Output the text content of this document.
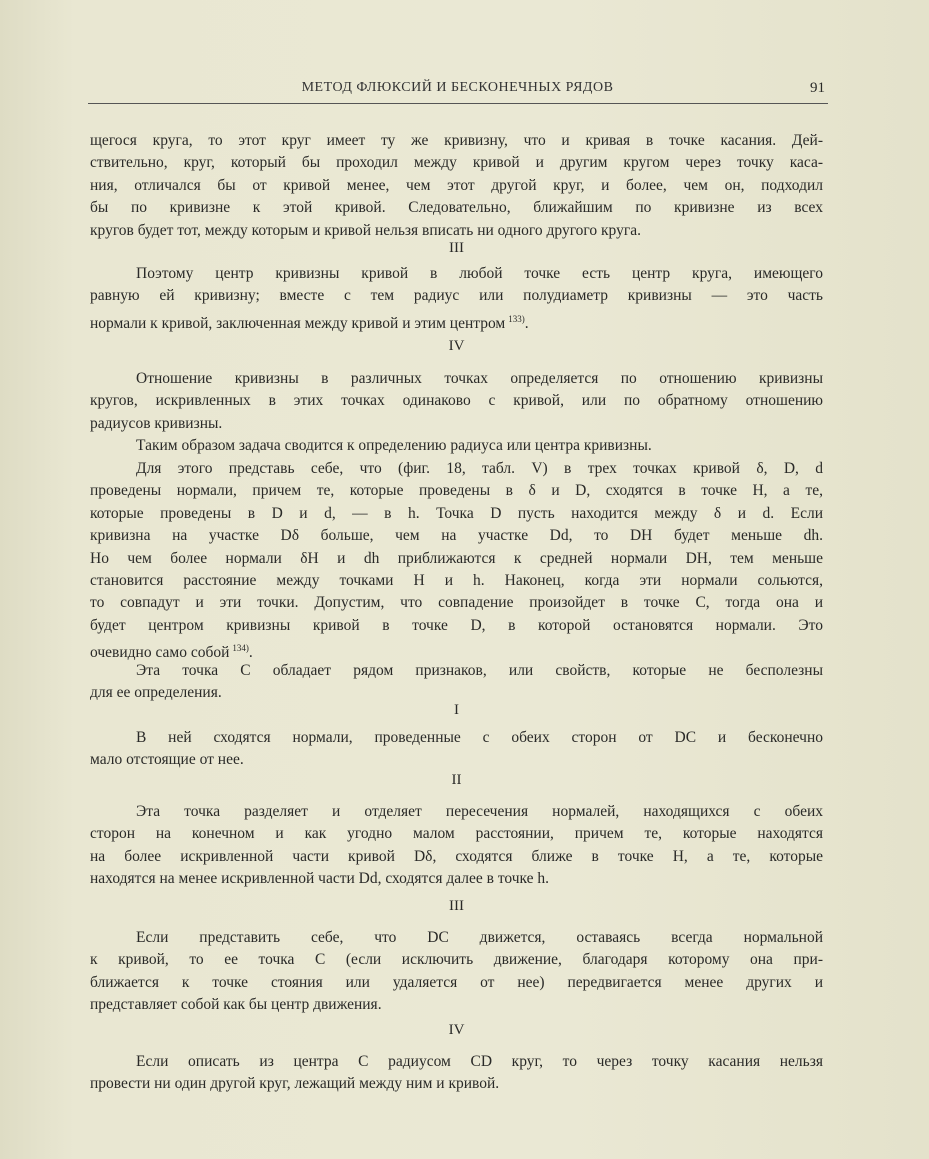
МЕТОД ФЛЮКСИЙ И БЕСКОНЕЧНЫХ РЯДОВ	91
щегося круга, то этот круг имеет ту же кривизну, что и кривая в точке касания. Дей-
ствительно, круг, который бы проходил между кривой и другим кругом через точку каса-
ния, отличался бы от кривой менее, чем этот другой круг, и более, чем он, подходил
бы по кривизне к этой кривой. Следовательно, ближайшим по кривизне из всех
кругов будет тот, между которым и кривой нельзя вписать ни одного другого круга.
III
Поэтому центр кривизны кривой в любой точке есть центр круга, имеющего
равную ей кривизну; вместе с тем радиус или полудиаметр кривизны — это часть
нормали к кривой, заключенная между кривой и этим центром $^{133)}$.
IV
Отношение кривизны в различных точках определяется по отношению кривизны
кругов, искривленных в этих точках одинаково с кривой, или по обратному отношению
радиусов кривизны.
Таким образом задача сводится к определению радиуса или центра кривизны.
Для этого представь себе, что (фиг. 18, табл. V) в трех точках кривой δ, D, d
проведены нормали, причем те, которые проведены в δ и D, сходятся в точке H, а те,
которые проведены в D и d, — в h. Точка D пусть находится между δ и d. Если
кривизна на участке Dδ больше, чем на участке Dd, то DH будет меньше dh.
Но чем более нормали δH и dh приближаются к средней нормали DH, тем меньше
становится расстояние между точками H и h. Наконец, когда эти нормали сольются,
то совпадут и эти точки. Допустим, что совпадение произойдет в точке C, тогда она и
будет центром кривизны кривой в точке D, в которой остановятся нормали. Это
очевидно само собой $^{134)}$.
Эта точка C обладает рядом признаков, или свойств, которые не бесполезны
для ее определения.
I
В ней сходятся нормали, проведенные с обеих сторон от DC и бесконечно
мало отстоящие от нее.
II
Эта точка разделяет и отделяет пересечения нормалей, находящихся с обеих
сторон на конечном и как угодно малом расстоянии, причем те, которые находятся
на более искривленной части кривой Dδ, сходятся ближе в точке H, а те, которые
находятся на менее искривленной части Dd, сходятся далее в точке h.
III
Если представить себе, что DC движется, оставаясь всегда нормальной
к кривой, то ее точка C (если исключить движение, благодаря которому она при-
ближается к точке стояния или удаляется от нее) передвигается менее других и
представляет собой как бы центр движения.
IV
Если описать из центра C радиусом CD круг, то через точку касания нельзя
провести ни один другой круг, лежащий между ним и кривой.
